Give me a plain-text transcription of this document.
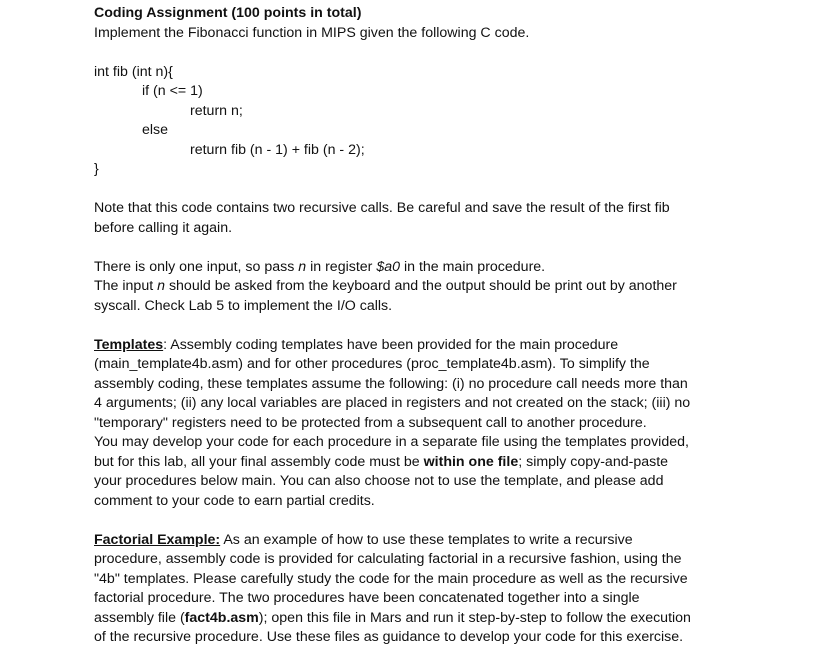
Coding Assignment (100 points in total)
Implement the Fibonacci function in MIPS given the following C code.
int fib (int n){
if (n <= 1)
return n;
else
return fib (n - 1) + fib (n - 2);
}
Note that this code contains two recursive calls. Be careful and save the result of the first fib
before calling it again.
There is only one input, so pass n in register $a0 in the main procedure.
The input n should be asked from the keyboard and the output should be print out by another
syscall. Check Lab 5 to implement the I/O calls.
Templates: Assembly coding templates have been provided for the main procedure
(main_template4b.asm) and for other procedures (proc_template4b.asm). To simplify the
assembly coding, these templates assume the following: (i) no procedure call needs more than
4 arguments; (ii) any local variables are placed in registers and not created on the stack; (iii) no
"temporary" registers need to be protected from a subsequent call to another procedure.
You may develop your code for each procedure in a separate file using the templates provided,
but for this lab, all your final assembly code must be within one file; simply copy-and-paste
your procedures below main. You can also choose not to use the template, and please add
comment to your code to earn partial credits.
Factorial Example: As an example of how to use these templates to write a recursive
procedure, assembly code is provided for calculating factorial in a recursive fashion, using the
"4b" templates. Please carefully study the code for the main procedure as well as the recursive
factorial procedure. The two procedures have been concatenated together into a single
assembly file (fact4b.asm); open this file in Mars and run it step-by-step to follow the execution
of the recursive procedure. Use these files as guidance to develop your code for this exercise.
